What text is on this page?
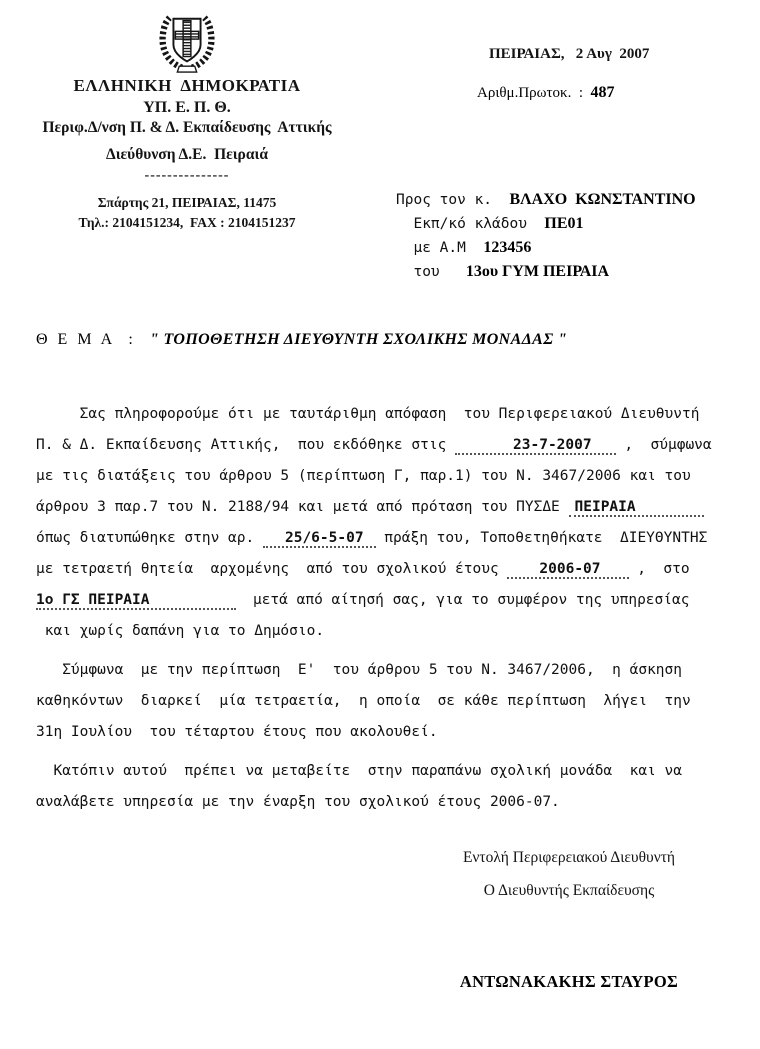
ΕΛΛΗΝΙΚΗ  ΔΗΜΟΚΡΑΤΙΑ
ΥΠ. Ε. Π. Θ.
Περιφ.Δ/νση Π. & Δ. Εκπαίδευσης  Αττικής
Διεύθυνση Δ.Ε.  Πειραιά
---------------
Σπάρτης 21, ΠΕΙΡΑΙΑΣ, 11475
Τηλ.: 2104151234,  FAX : 2104151237
ΠΕΙΡΑΙΑΣ,   2 Αυγ  2007
Αριθμ.Πρωτοκ.  :  487
Προς τον κ.  ΒΛΑΧΟ  ΚΩΝΣΤΑΝΤΙΝΟ
Εκπ/κό κλάδου  ΠΕ01
με Α.Μ  123456
του   13ου ΓΥΜ ΠΕΙΡΑΙΑ
Θ Ε Μ Α  :  " ΤΟΠΟΘΕΤΗΣΗ ΔΙΕΥΘΥΝΤΗ ΣΧΟΛΙΚΗΣ ΜΟΝΑΔΑΣ "
Σας πληροφορούμε ότι με ταυτάριθμη απόφαση  του Περιφερειακού Διευθυντή
Π. & Δ. Εκπαίδευσης Αττικής,  που εκδόθηκε στις	23-7-2007 ,  σύμφωνα
με τις διατάξεις του άρθρου 5 (περίπτωση Γ, παρ.1) του Ν. 3467/2006 και του
άρθρου 3 παρ.7 του Ν. 2188/94 και μετά από πρόταση του ΠΥΣΔΕ ΠΕΙΡΑΙΑ
όπως διατυπώθηκε στην αρ. 25/6-5-07 πράξη του, Τοποθετηθήκατε  ΔΙΕΥΘΥΝΤΗΣ
με τετραετή θητεία  αρχομένης  από του σχολικού έτους 2006-07 ,  στο
1ο ΓΣ ΠΕΙΡΑΙΑ	μετά από αίτησή σας, για το συμφέρον της υπηρεσίας
και χωρίς δαπάνη για το Δημόσιο.
Σύμφωνα  με την περίπτωση  Ε'  του άρθρου 5 του Ν. 3467/2006,  η άσκηση
καθηκόντων  διαρκεί  μία τετραετία,  η οποία  σε κάθε περίπτωση  λήγει  την
31η Ιουλίου  του τέταρτου έτους που ακολουθεί.
Κατόπιν αυτού  πρέπει να μεταβείτε  στην παραπάνω σχολική μονάδα  και να
αναλάβετε υπηρεσία με την έναρξη του σχολικού έτους 2006-07.
Εντολή Περιφερειακού Διευθυντή
Ο Διευθυντής Εκπαίδευσης
ΑΝΤΩΝΑΚΑΚΗΣ ΣΤΑΥΡΟΣ
